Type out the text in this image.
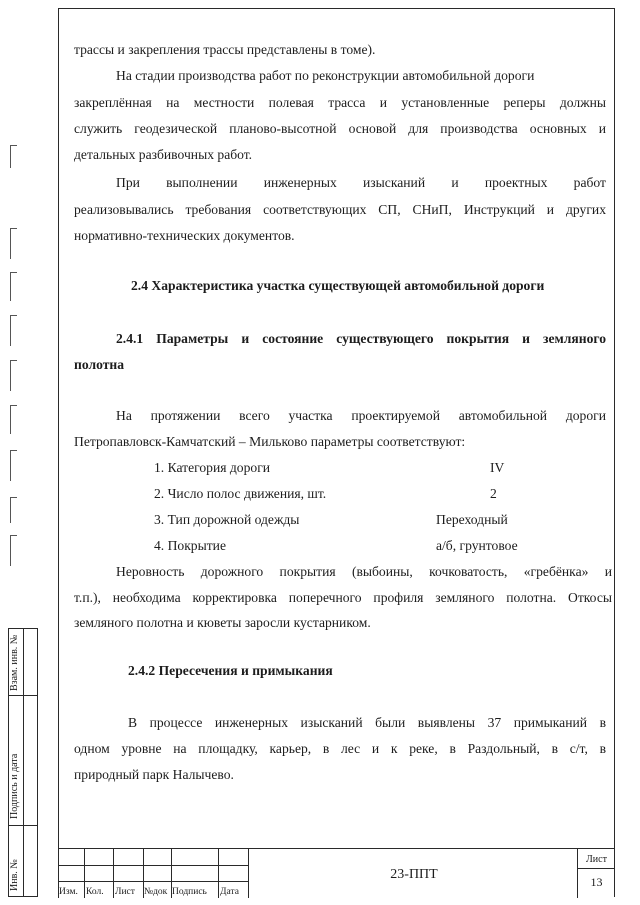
трассы и закрепления трассы представлены в томе).
На стадии производства работ по реконструкции автомобильной дороги
закреплённая на местности полевая трасса и установленные реперы должны
служить геодезической планово-высотной основой для производства основных и
детальных разбивочных работ.
При выполнении инженерных изысканий и проектных работ
реализовывались требования соответствующих СП, СНиП, Инструкций и других
нормативно-технических документов.
2.4 Характеристика участка существующей автомобильной дороги
2.4.1 Параметры и состояние существующего покрытия и земляного
полотна
На протяжении всего участка проектируемой автомобильной дороги
Петропавловск-Камчатский – Мильково параметры соответствуют:
1. Категория дороги	IV
2. Число полос движения, шт.	2
3. Тип дорожной одежды	Переходный
4. Покрытие	а/б, грунтовое
Неровность дорожного покрытия (выбоины, кочковатость, «гребёнка» и
т.п.), необходима корректировка поперечного профиля земляного полотна. Откосы
земляного полотна и кюветы заросли кустарником.
2.4.2 Пересечения и примыкания
В процессе инженерных изысканий были выявлены 37 примыканий в
одном уровне на площадку, карьер, в лес и к реке, в Раздольный, в с/т, в
природный парк Налычево.
Взам. инв. №
Подпись и дата
Инв. №
Изм. Кол. Лист №док Подпись Дата
23-ППТ
Лист
13
